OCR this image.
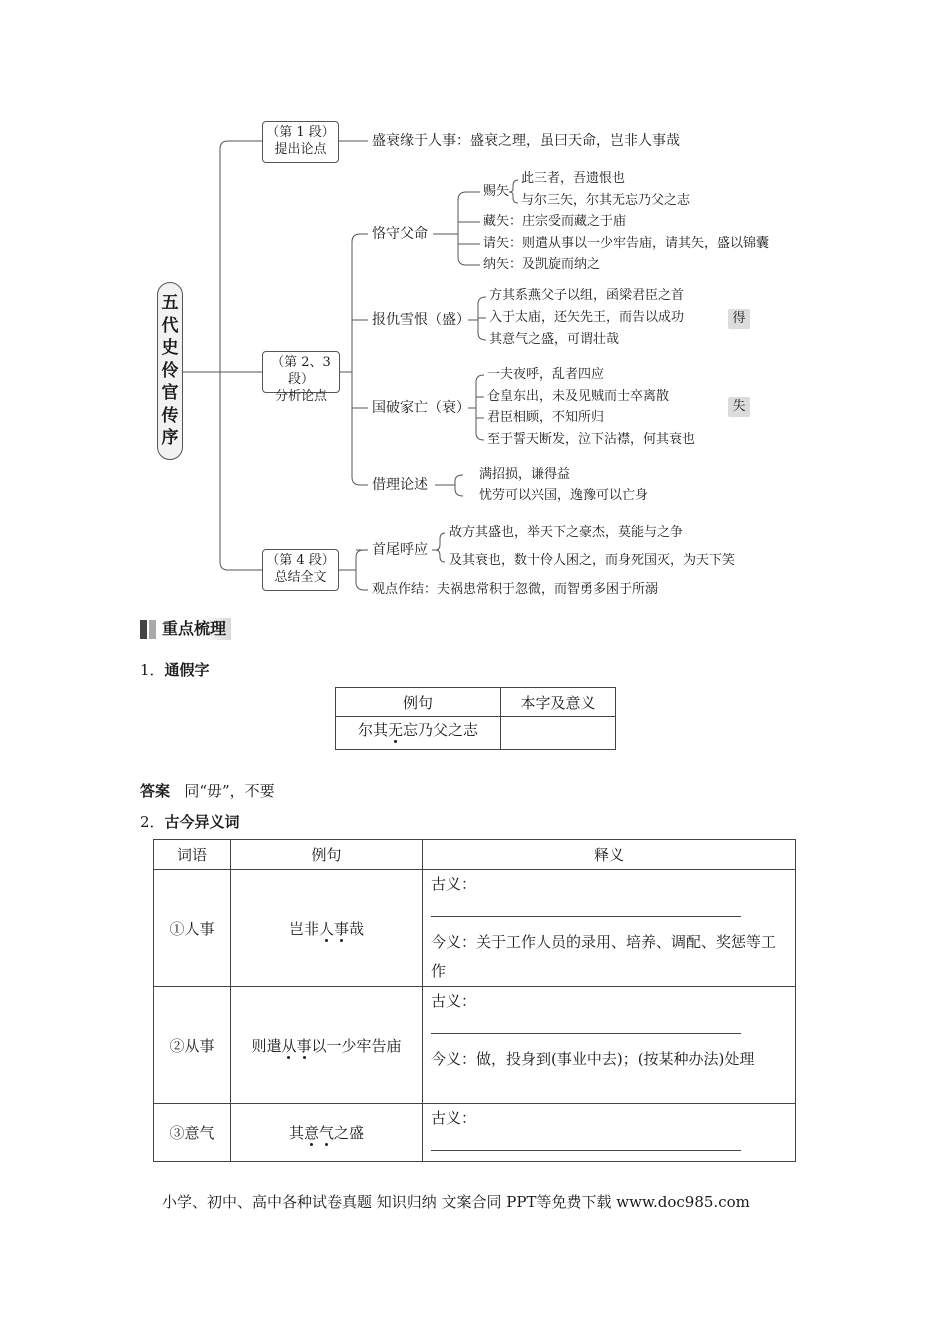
五
代
史
伶
官
传
序
（第 1 段）
提出论点
（第 2、3 段）
分析论点
（第 4 段）
总结全文
盛衰缘于人事：盛衰之理，虽曰天命，岂非人事哉
恪守父命
赐矢
此三者，吾遗恨也
与尔三矢，尔其无忘乃父之志
藏矢：庄宗受而藏之于庙
请矢：则遣从事以一少牢告庙，请其矢，盛以锦囊
纳矢：及凯旋而纳之
报仇雪恨（盛）
方其系燕父子以组，函梁君臣之首
入于太庙，还矢先王，而告以成功
其意气之盛，可谓壮哉
得
国破家亡（衰）
一夫夜呼，乱者四应
仓皇东出，未及见贼而士卒离散
君臣相顾，不知所归
至于誓天断发，泣下沾襟，何其衰也
失
借理论述
满招损，谦得益
忧劳可以兴国，逸豫可以亡身
首尾呼应
故方其盛也，举天下之豪杰，莫能与之争
及其衰也，数十伶人困之，而身死国灭，为天下笑
观点作结：夫祸患常积于忽微，而智勇多困于所溺
重点梳理
1．通假字
例句	本字及意义
尔其无忘乃父之志	
答案 同“毋”，不要
2．古今异义词
词语	例句	释义
①人事	岂非人事哉	古义：
今义：关于工作人员的录用、培养、调配、奖惩等工作

②从事	则遣从事以一少牢告庙	古义：
今义：做，投身到(事业中去)；(按某种办法)处理

③意气	其意气之盛	古义：
小学、初中、高中各种试卷真题 知识归纳 文案合同 PPT等免费下载 www.doc985.com
